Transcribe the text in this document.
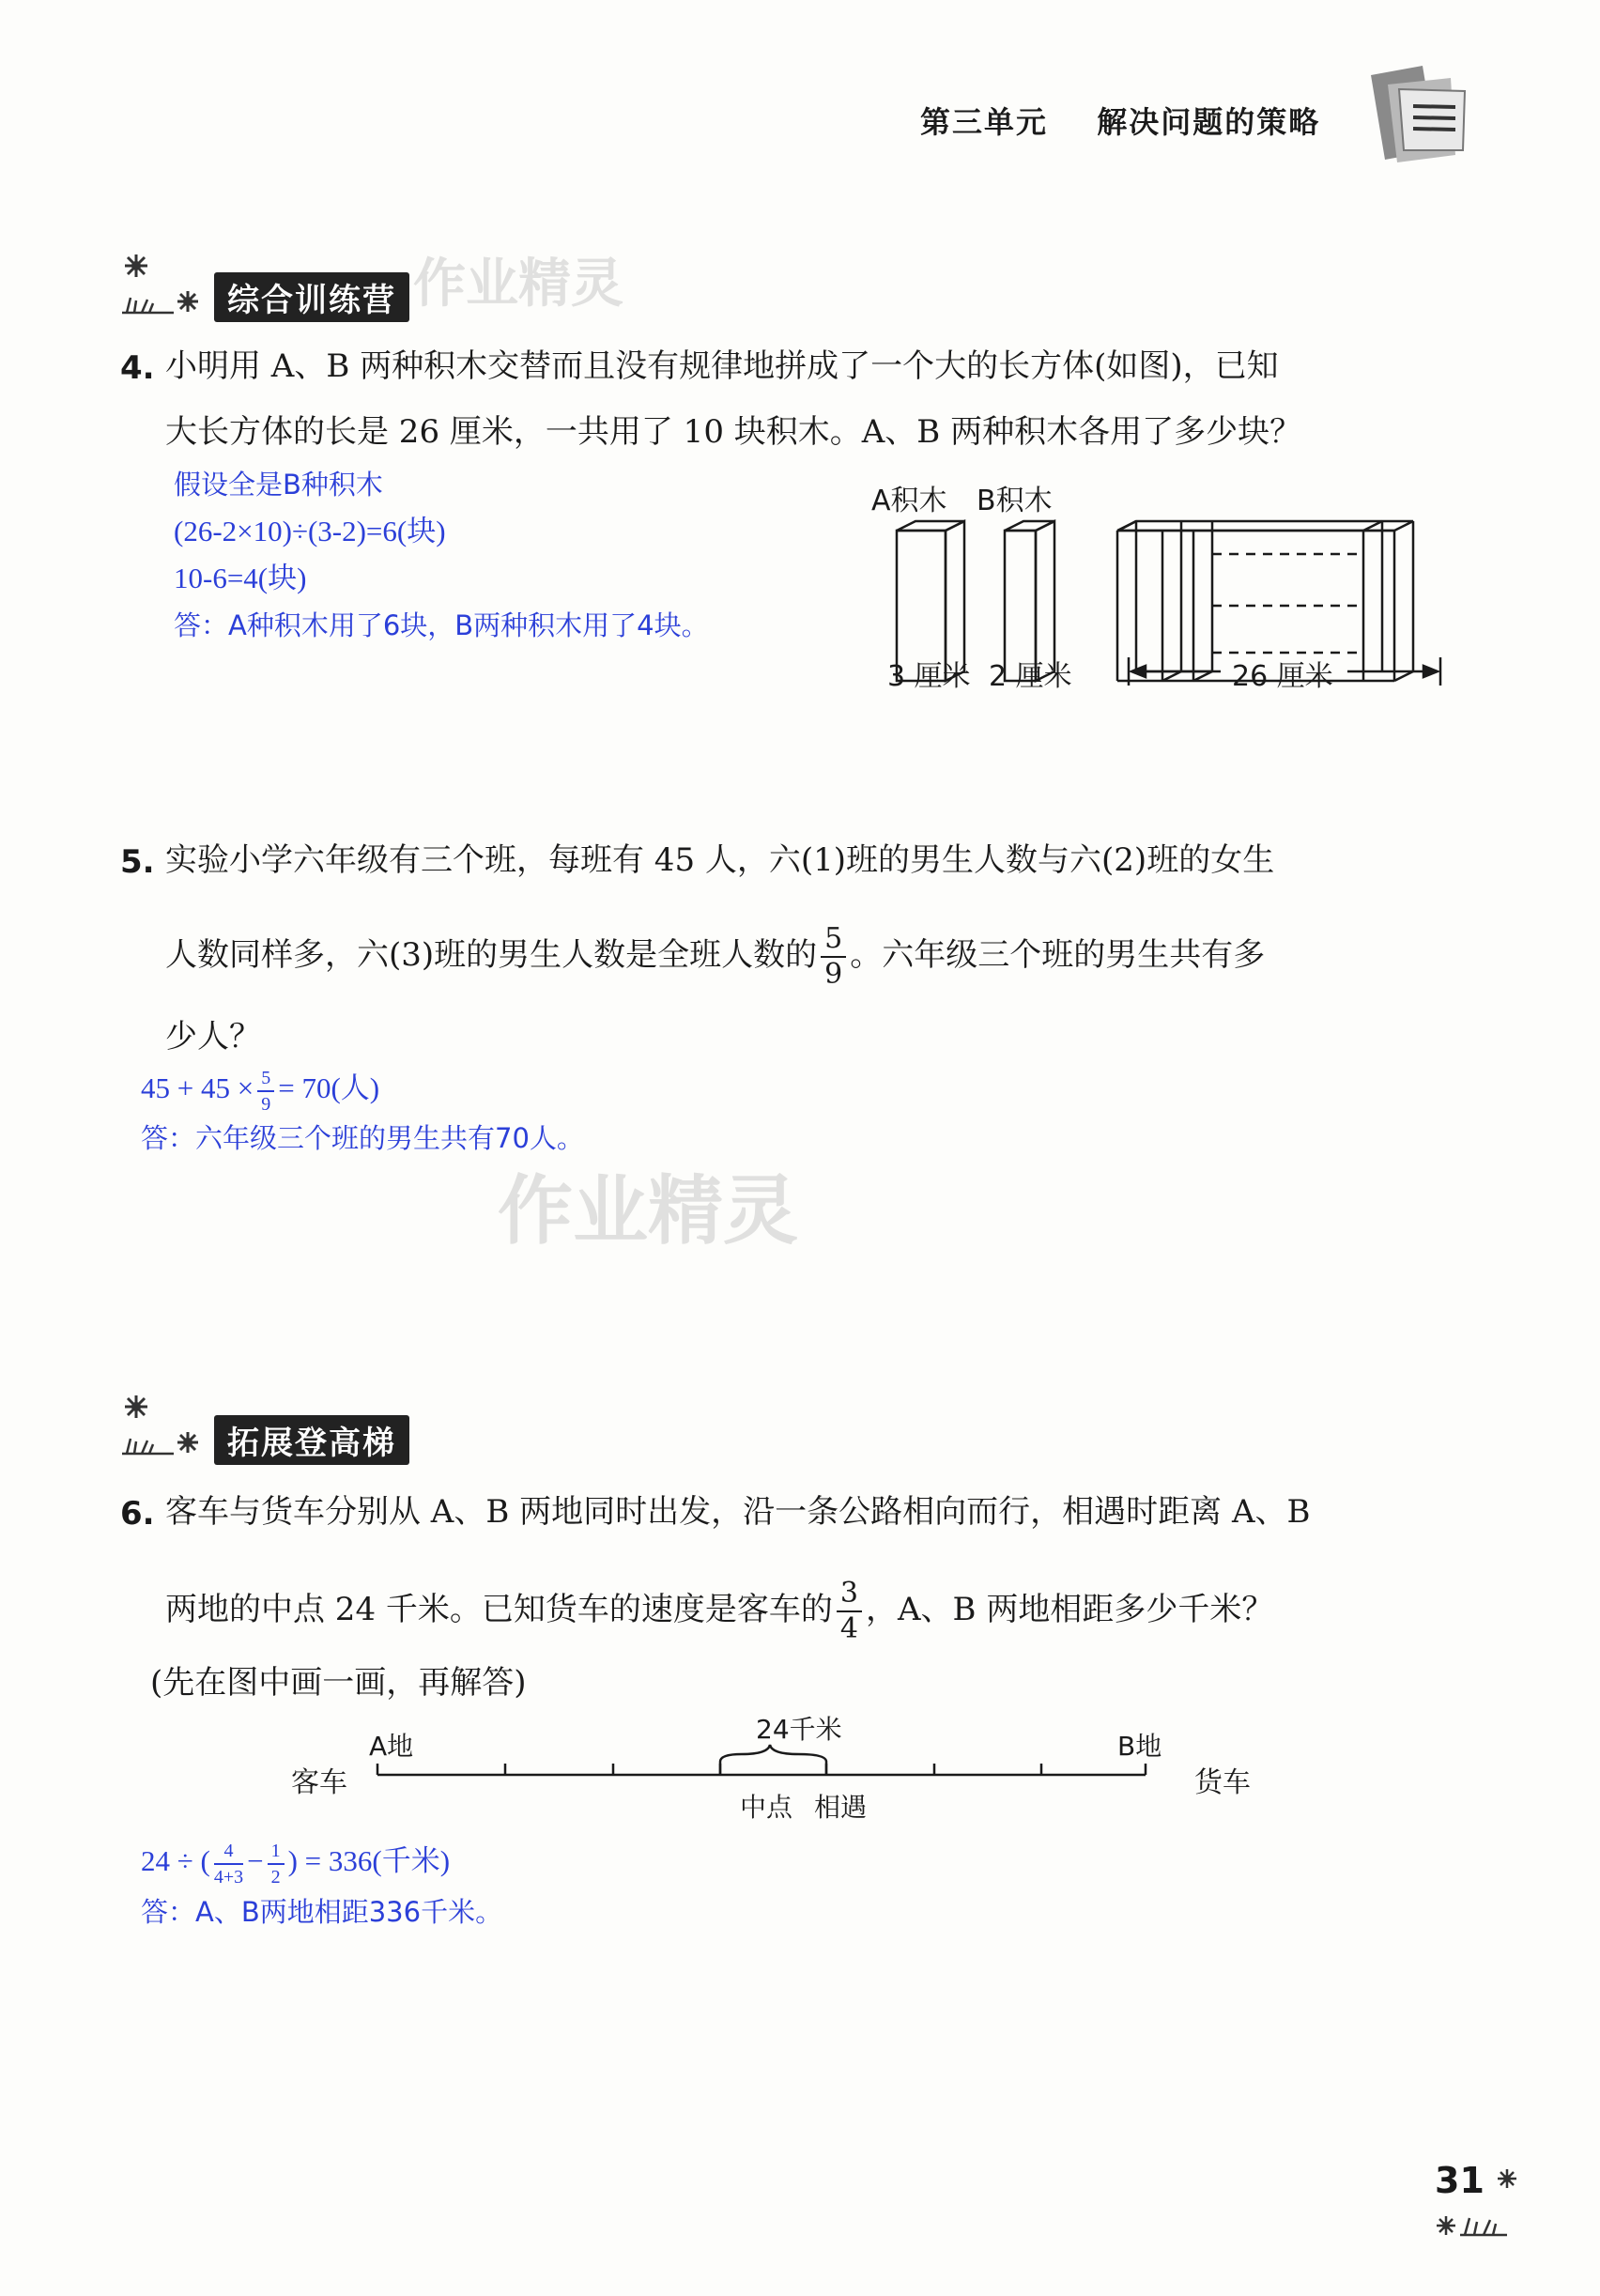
第三单元 解决问题的策略
综合训练营 作业精灵
4. 小明用 A、B 两种积木交替而且没有规律地拼成了一个大的长方体(如图)，已知
大长方体的长是 26 厘米，一共用了 10 块积木。A、B 两种积木各用了多少块？
假设全是B种积木
(26-2×10)÷(3-2)=6(块)
10-6=4(块)
答：A种积木用了6块，B两种积木用了4块。
A积木 B积木
3 厘米 2 厘米	26 厘米
5. 实验小学六年级有三个班，每班有 45 人，六(1)班的男生人数与六(2)班的女生
人数同样多，六(3)班的男生人数是全班人数的 $\frac{5}{9}$ 。六年级三个班的男生共有多
少人？
$45 + 45 \times \frac{5}{9} = 70$(人)
答：六年级三个班的男生共有70人。
作业精灵
拓展登高梯
6. 客车与货车分别从 A、B 两地同时出发，沿一条公路相向而行，相遇时距离 A、B
两地的中点 24 千米。已知货车的速度是客车的 $\frac{3}{4}$ ，A、B 两地相距多少千米？
(先在图中画一画，再解答)
24千米
客车
A地	B地
货车
中点 相遇
24 ÷ ( $\frac{4}{4+3} - \frac{1}{2}$ ) = 336(千米)
答：A、B两地相距336千米。
31
